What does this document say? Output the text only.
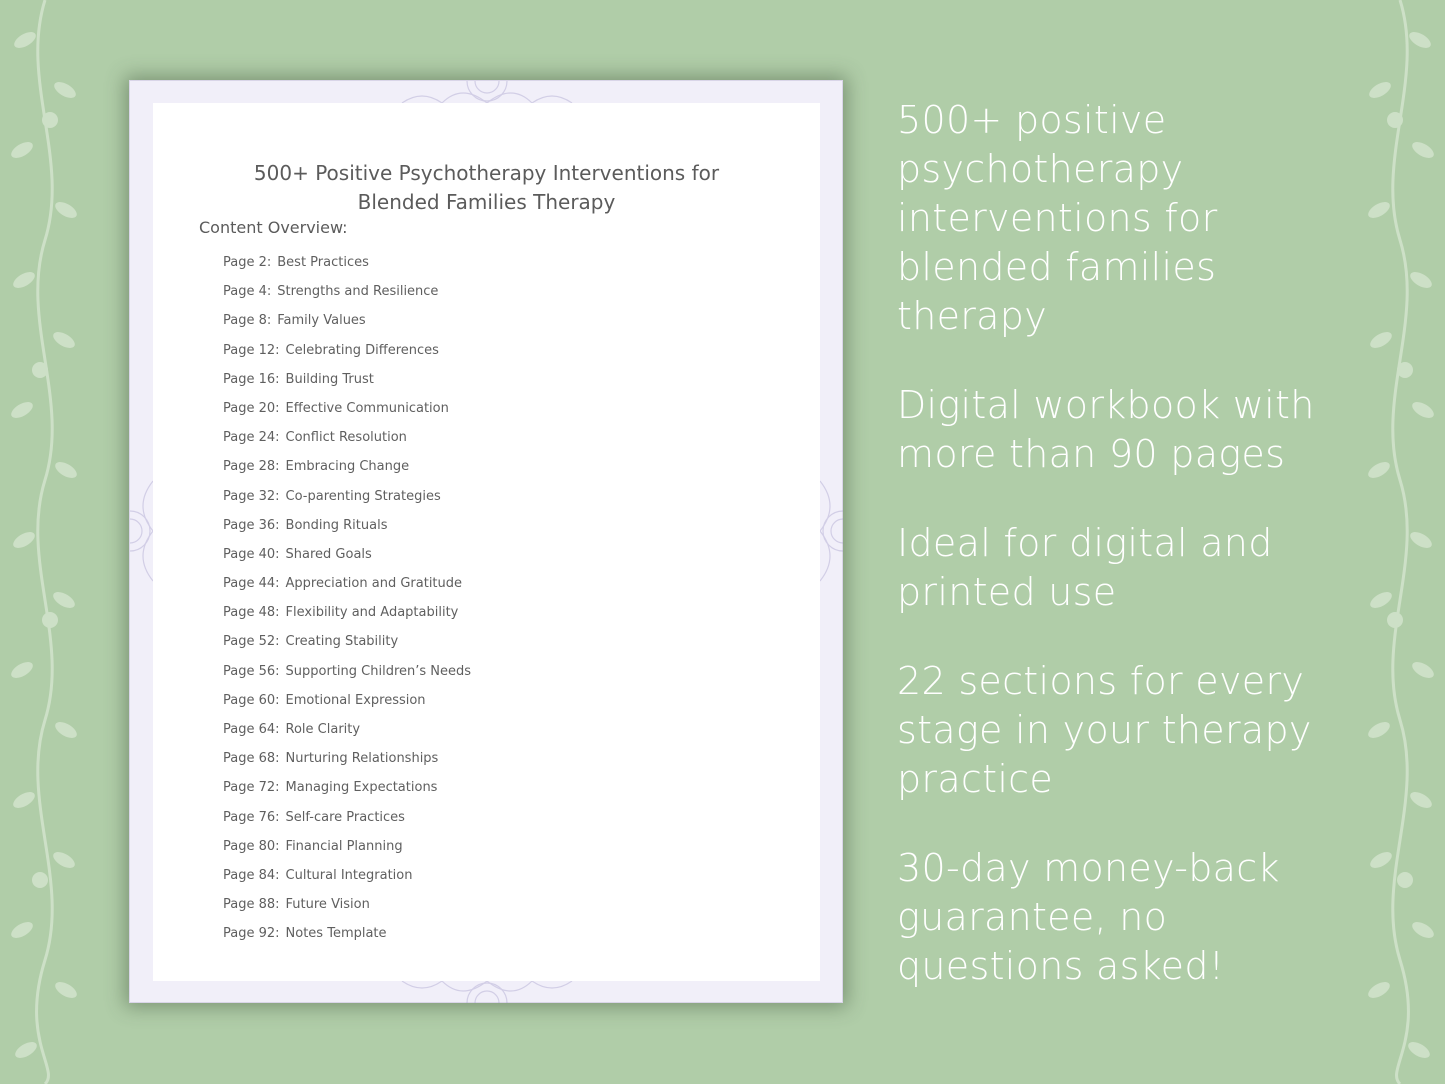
500+ Positive Psychotherapy Interventions for
Blended Families Therapy
Content Overview:
Page 2: Best Practices
Page 4: Strengths and Resilience
Page 8: Family Values
Page 12: Celebrating Differences
Page 16: Building Trust
Page 20: Effective Communication
Page 24: Conflict Resolution
Page 28: Embracing Change
Page 32: Co-parenting Strategies
Page 36: Bonding Rituals
Page 40: Shared Goals
Page 44: Appreciation and Gratitude
Page 48: Flexibility and Adaptability
Page 52: Creating Stability
Page 56: Supporting Children’s Needs
Page 60: Emotional Expression
Page 64: Role Clarity
Page 68: Nurturing Relationships
Page 72: Managing Expectations
Page 76: Self-care Practices
Page 80: Financial Planning
Page 84: Cultural Integration
Page 88: Future Vision
Page 92: Notes Template
500+ positive
psychotherapy
interventions for
blended families
therapy
Digital workbook with
more than 90 pages
Ideal for digital and
printed use
22 sections for every
stage in your therapy
practice
30-day money-back
guarantee, no
questions asked!
